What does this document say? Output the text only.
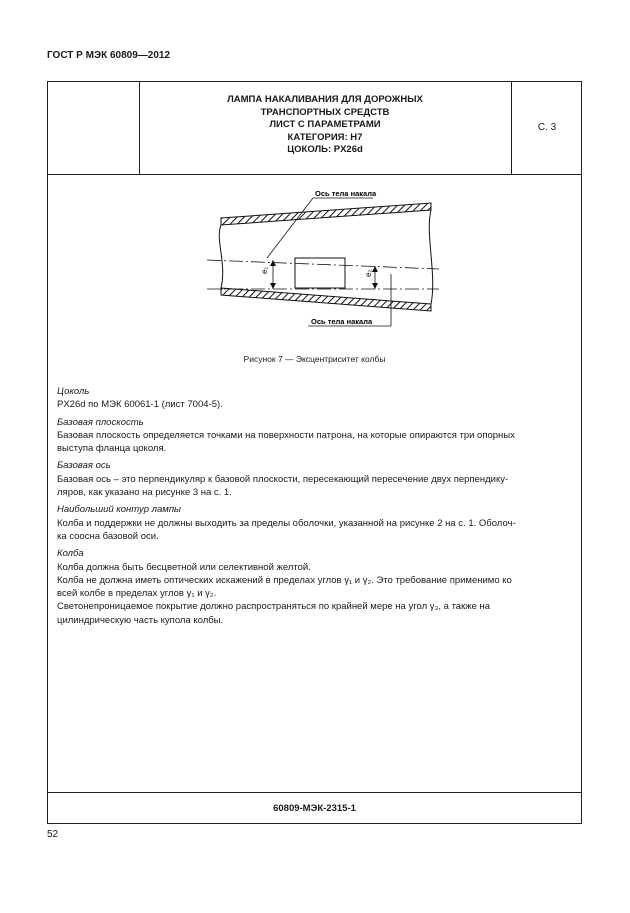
ГОСТ Р МЭК 60809—2012
ЛАМПА НАКАЛИВАНИЯ ДЛЯ ДОРОЖНЫХ
ТРАНСПОРТНЫХ СРЕДСТВ
ЛИСТ С ПАРАМЕТРАМИ
КАТЕГОРИЯ: H7
ЦОКОЛЬ: PX26d
С. 3
e₁	e₂
Ось тела накала
Ось тела накала
Рисунок 7 — Эксцентриситет колбы
Цоколь
PX26d по МЭК 60061-1 (лист 7004-5).
Базовая плоскость
Базовая плоскость определяется точками на поверхности патрона, на которые опираются три опорных
выступа фланца цоколя.
Базовая ось
Базовая ось – это перпендикуляр к базовой плоскости, пересекающий пересечение двух перпендику-
ляров, как указано на рисунке 3 на с. 1.
Наибольший контур лампы
Колба и поддержки не должны выходить за пределы оболочки, указанной на рисунке 2 на с. 1. Оболоч-
ка соосна базовой оси.
Колба
Колба должна быть бесцветной или селективной желтой.
Колба не должна иметь оптических искажений в пределах углов γ₁ и γ₂. Это требование применимо ко
всей колбе в пределах углов γ₁ и γ₂.
Светонепроницаемое покрытие должно распространяться по крайней мере на угол γ₃, а также на
цилиндрическую часть купола колбы.
60809-МЭК-2315-1
52
